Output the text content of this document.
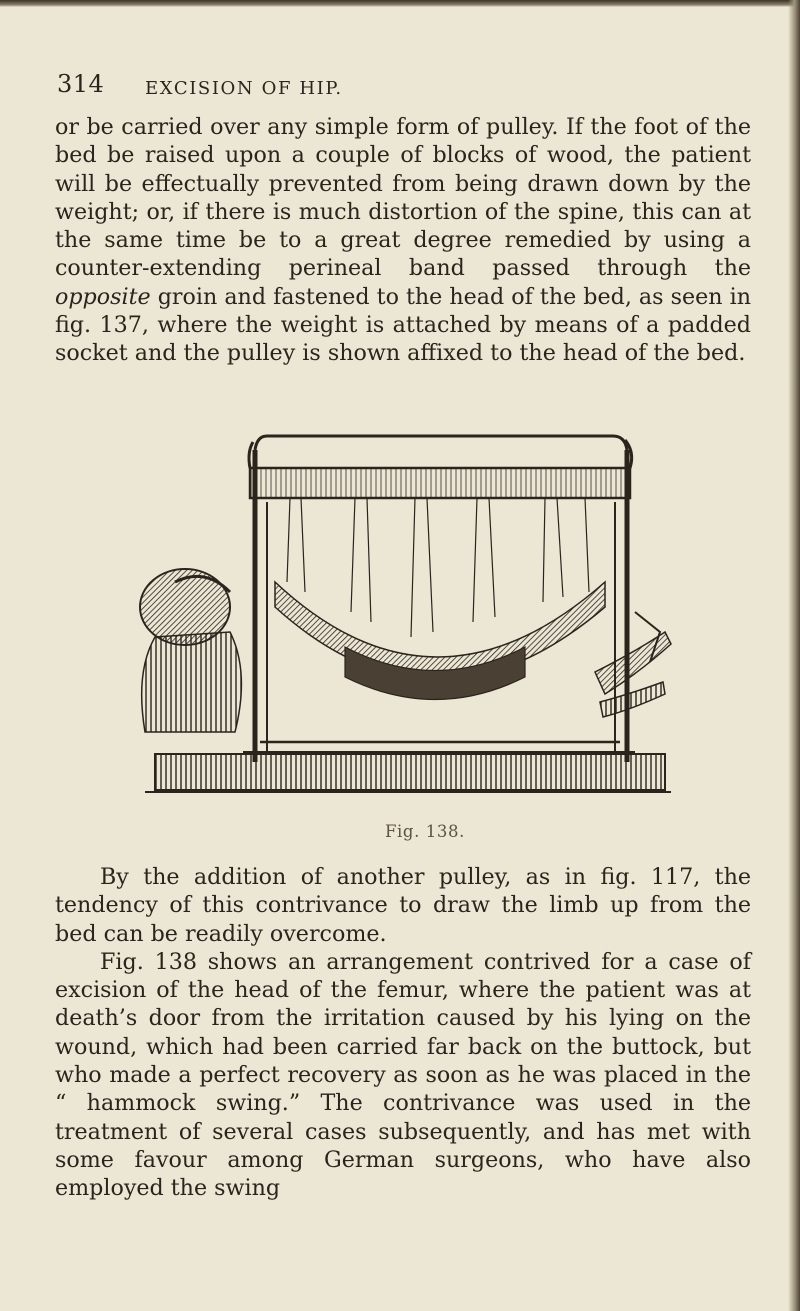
314 EXCISION OF HIP.

or be carried over any simple form of pulley. If the foot of the bed be raised upon a couple of blocks of wood, the patient will be effectually prevented from being drawn down by the weight; or, if there is much distortion of the spine, this can at the same time be to a great degree remedied by using a counter-extending perineal band passed through the opposite groin and fastened to the head of the bed, as seen in fig. 137, where the weight is attached by means of a padded socket and the pulley is shown affixed to the head of the bed.

Fig. 138.

By the addition of another pulley, as in fig. 117, the tendency of this contrivance to draw the limb up from the bed can be readily overcome.

Fig. 138 shows an arrangement contrived for a case of excision of the head of the femur, where the patient was at death’s door from the irritation caused by his lying on the wound, which had been carried far back on the buttock, but who made a perfect recovery as soon as he was placed in the “ hammock swing.” The contrivance was used in the treatment of several cases subsequently, and has met with some favour among German surgeons, who have also employed the swing
